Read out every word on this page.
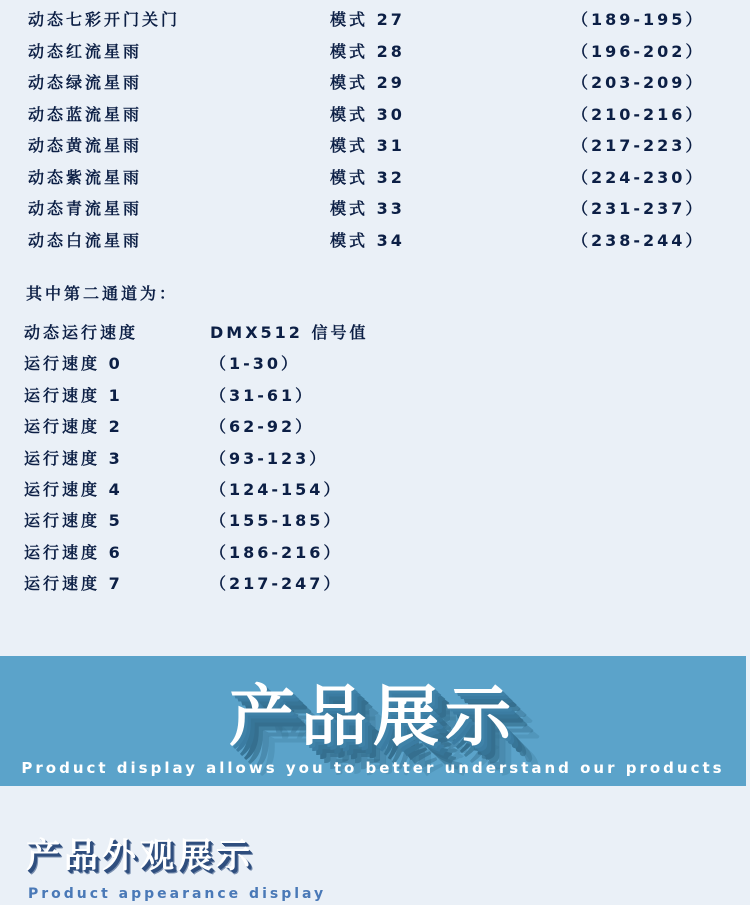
动态七彩开门关门	模式 27	（189-195）
动态红流星雨	模式 28	（196-202）
动态绿流星雨	模式 29	（203-209）
动态蓝流星雨	模式 30	（210-216）
动态黄流星雨	模式 31	（217-223）
动态紫流星雨	模式 32	（224-230）
动态青流星雨	模式 33	（231-237）
动态白流星雨	模式 34	（238-244）
其中第二通道为：
动态运行速度	DMX512 信号值
运行速度 0	（1-30）
运行速度 1	（31-61）
运行速度 2	（62-92）
运行速度 3	（93-123）
运行速度 4	（124-154）
运行速度 5	（155-185）
运行速度 6	（186-216）
运行速度 7	（217-247）
产品展示
Product display allows you to better understand our products
产品外观展示
Product appearance display
